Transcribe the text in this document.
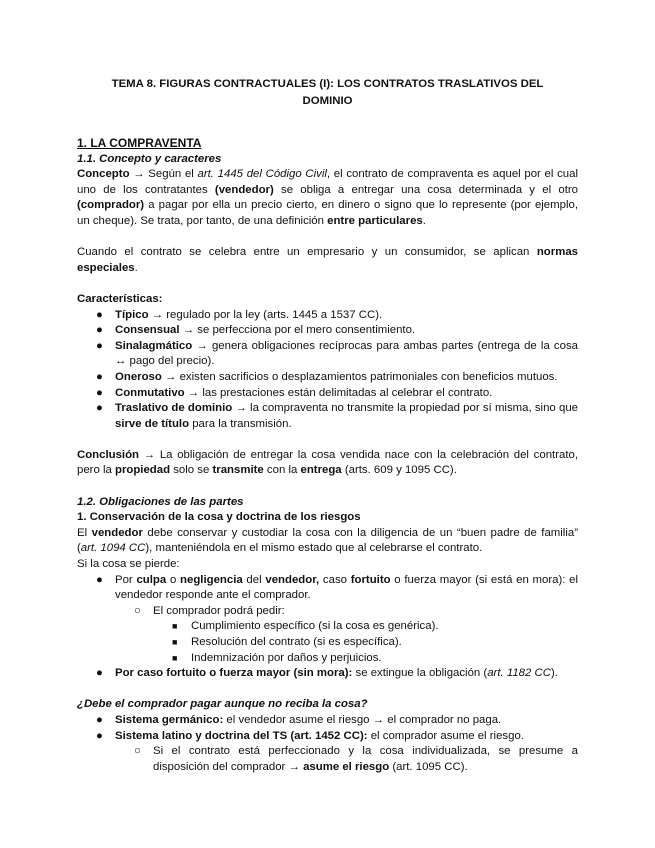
TEMA 8. FIGURAS CONTRACTUALES (I): LOS CONTRATOS TRASLATIVOS DEL
DOMINIO

1. LA COMPRAVENTA

1.1. Concepto y caracteres

Concepto → Según el art. 1445 del Código Civil, el contrato de compraventa es aquel por el cual uno de los contratantes (vendedor) se obliga a entregar una cosa determinada y el otro (comprador) a pagar por ella un precio cierto, en dinero o signo que lo represente (por ejemplo, un cheque). Se trata, por tanto, de una definición entre particulares.

Cuando el contrato se celebra entre un empresario y un consumidor, se aplican normas especiales.

Características:

● Típico → regulado por la ley (arts. 1445 a 1537 CC).
● Consensual → se perfecciona por el mero consentimiento.
● Sinalagmático → genera obligaciones recíprocas para ambas partes (entrega de la cosa ↔ pago del precio).
● Oneroso → existen sacrificios o desplazamientos patrimoniales con beneficios mutuos.
● Conmutativo → las prestaciones están delimitadas al celebrar el contrato.
● Traslativo de dominio → la compraventa no transmite la propiedad por sí misma, sino que sirve de título para la transmisión.

Conclusión → La obligación de entregar la cosa vendida nace con la celebración del contrato, pero la propiedad solo se transmite con la entrega (arts. 609 y 1095 CC).

1.2. Obligaciones de las partes

1. Conservación de la cosa y doctrina de los riesgos

El vendedor debe conservar y custodiar la cosa con la diligencia de un “buen padre de familia” (art. 1094 CC), manteniéndola en el mismo estado que al celebrarse el contrato.

Si la cosa se pierde:

● Por culpa o negligencia del vendedor, caso fortuito o fuerza mayor (si está en mora): el vendedor responde ante el comprador.
○ El comprador podrá pedir:
■ Cumplimiento específico (si la cosa es genérica).
■ Resolución del contrato (si es específica).
■ Indemnización por daños y perjuicios.
● Por caso fortuito o fuerza mayor (sin mora): se extingue la obligación (art. 1182 CC).

¿Debe el comprador pagar aunque no reciba la cosa?

● Sistema germánico: el vendedor asume el riesgo → el comprador no paga.
● Sistema latino y doctrina del TS (art. 1452 CC): el comprador asume el riesgo.
○ Si el contrato está perfeccionado y la cosa individualizada, se presume a disposición del comprador → asume el riesgo (art. 1095 CC).
